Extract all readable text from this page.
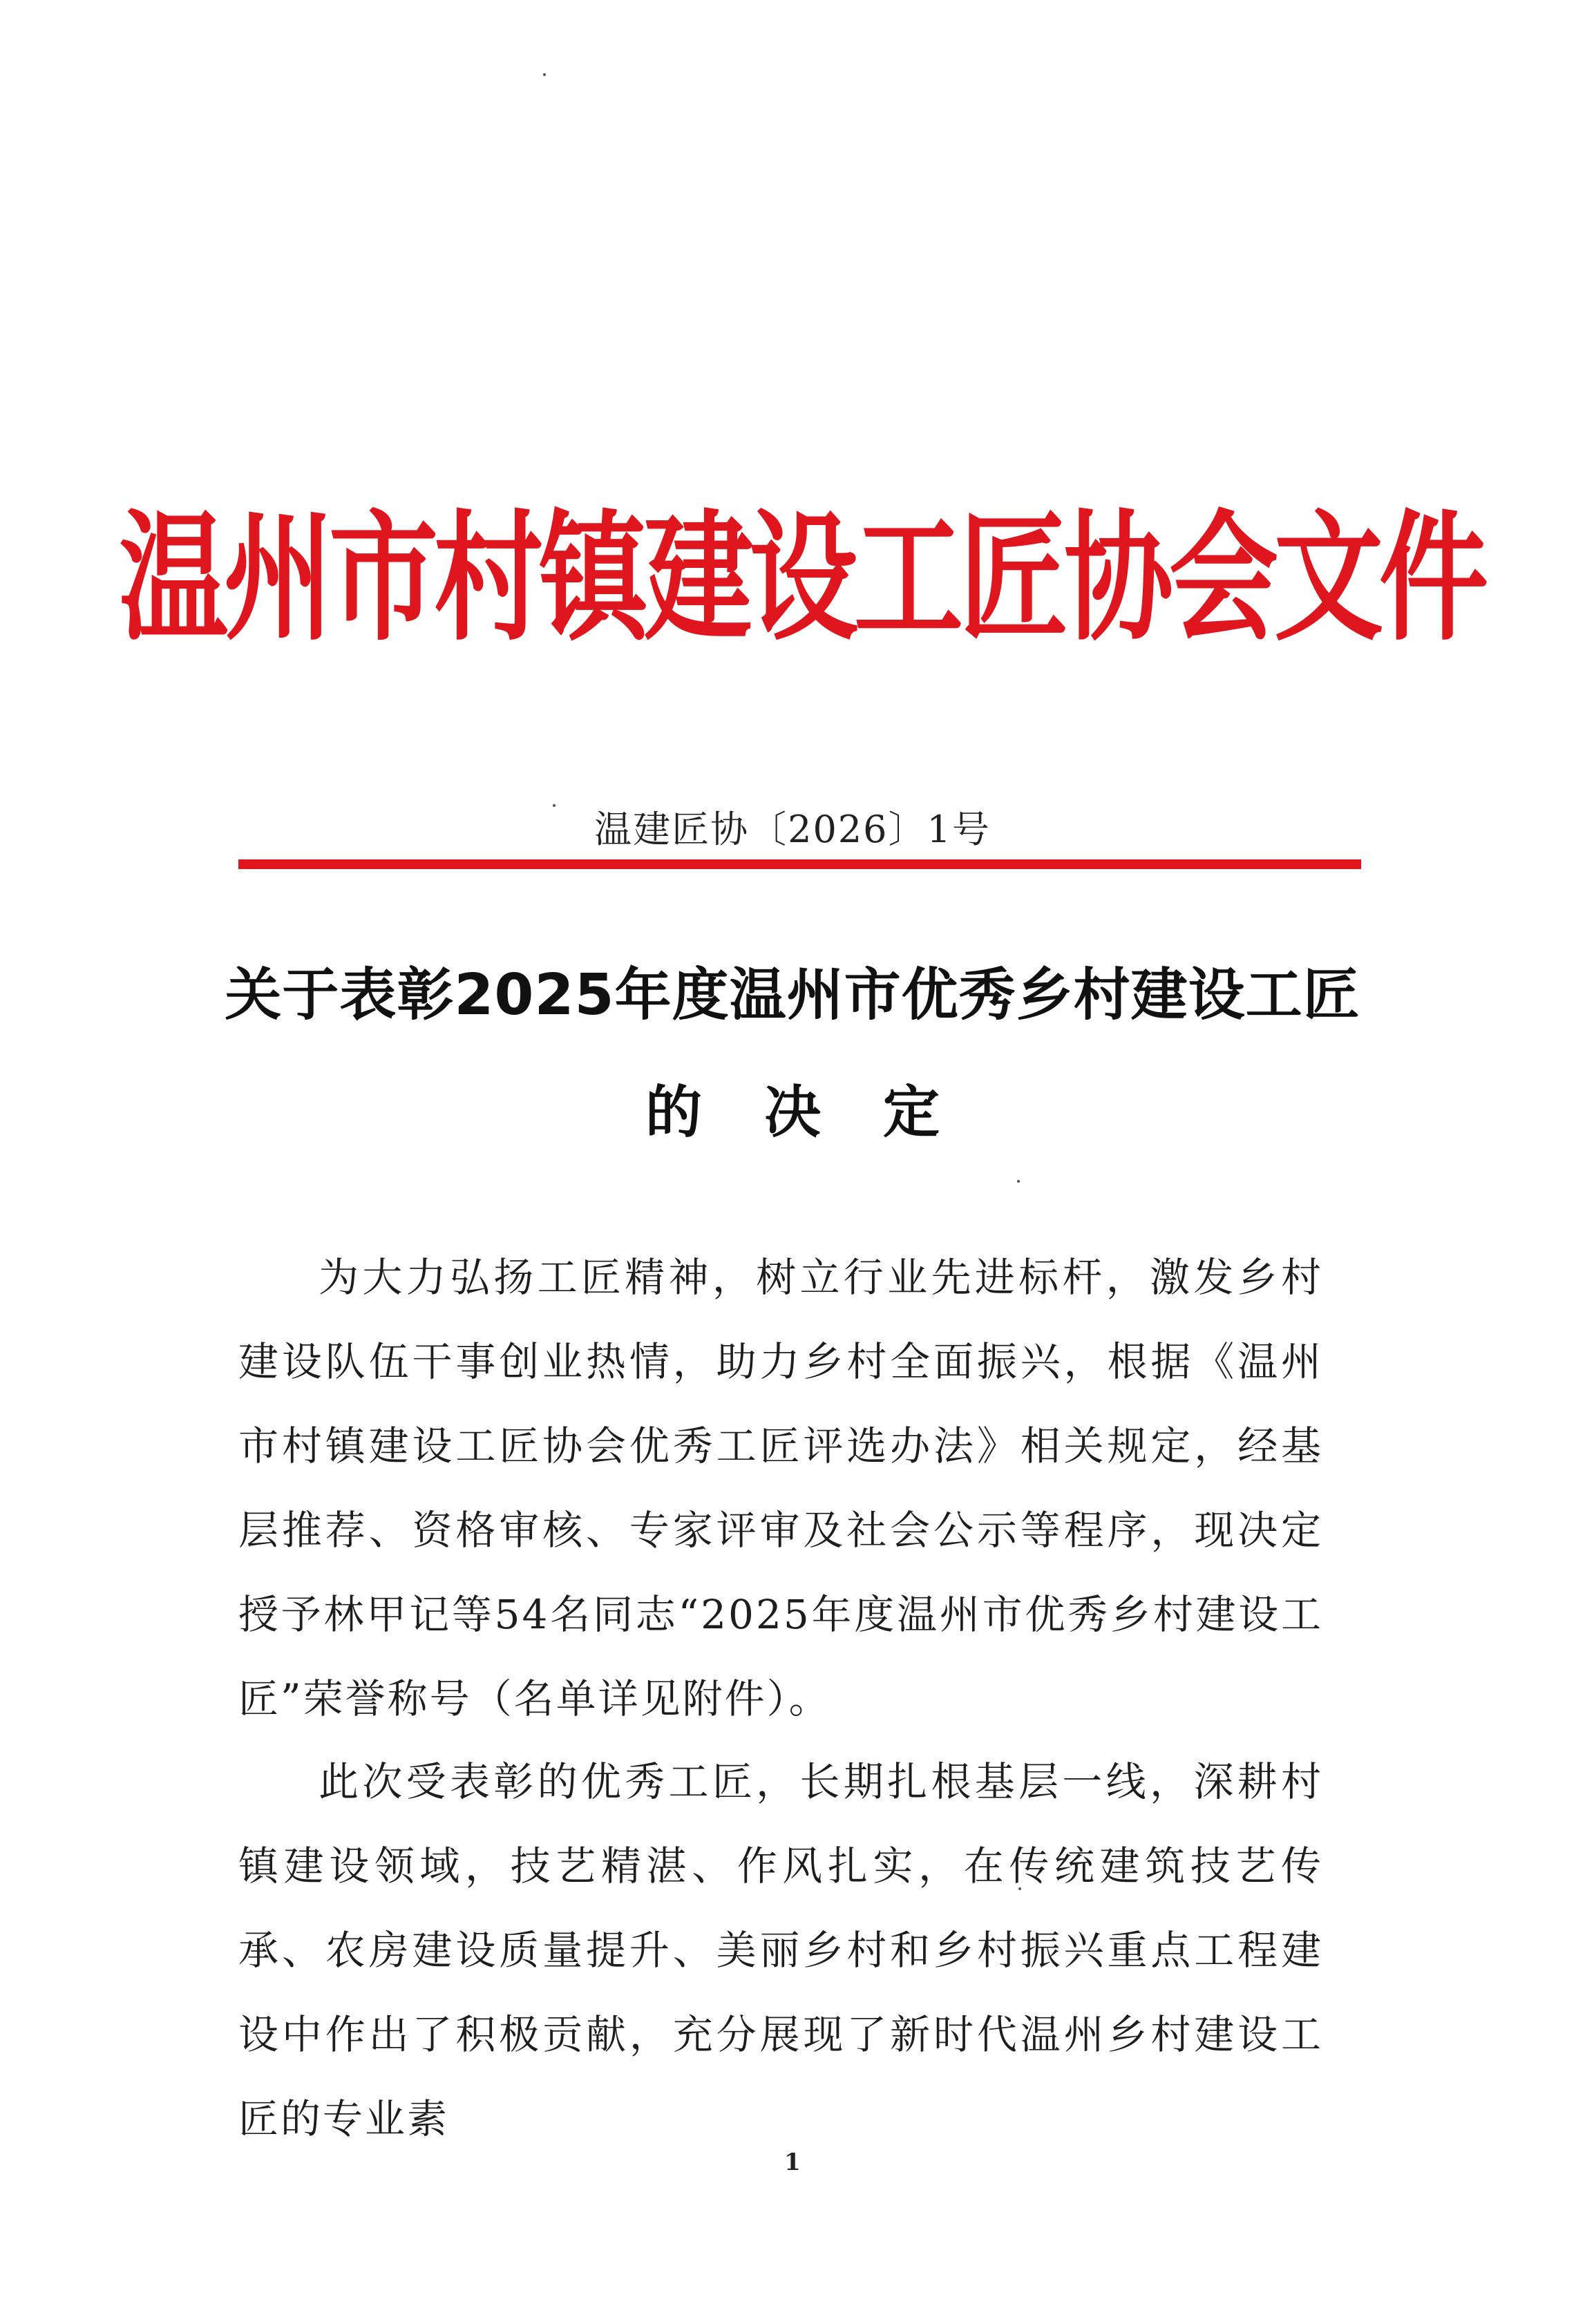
温州市村镇建设工匠协会文件
温建匠协〔2026〕1号
关于表彰2025年度温州市优秀乡村建设工匠
的 决 定
为大力弘扬工匠精神，树立行业先进标杆，激发乡村建设队伍干事创业热情，助力乡村全面振兴，根据《温州市村镇建设工匠协会优秀工匠评选办法》相关规定，经基层推荐、资格审核、专家评审及社会公示等程序，现决定授予林甲记等54名同志“2025年度温州市优秀乡村建设工匠”荣誉称号（名单详见附件）。
此次受表彰的优秀工匠，长期扎根基层一线，深耕村镇建设领域，技艺精湛、作风扎实，在传统建筑技艺传承、农房建设质量提升、美丽乡村和乡村振兴重点工程建设中作出了积极贡献，充分展现了新时代温州乡村建设工匠的专业素
1
